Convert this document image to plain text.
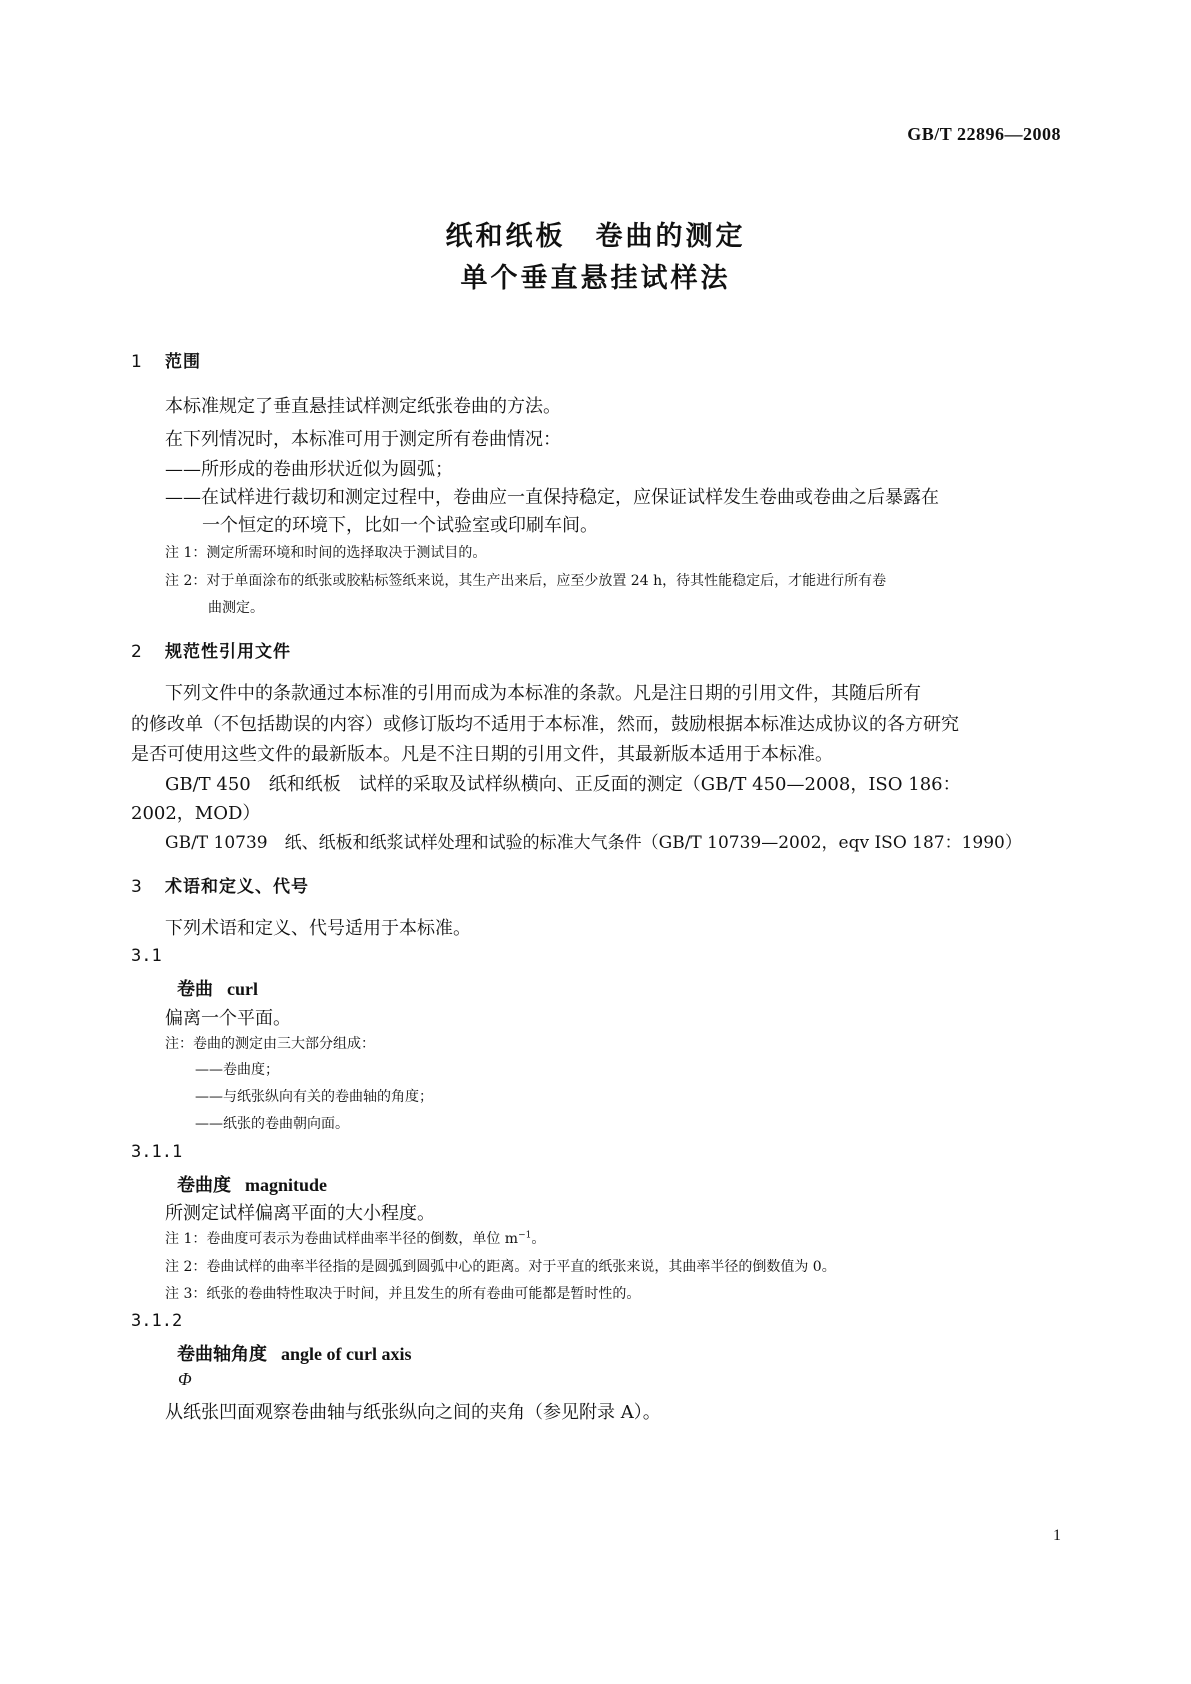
GB/T 22896—2008
纸和纸板　卷曲的测定
单个垂直悬挂试样法
1 范围
本标准规定了垂直悬挂试样测定纸张卷曲的方法。
在下列情况时，本标准可用于测定所有卷曲情况：
——所形成的卷曲形状近似为圆弧；
——在试样进行裁切和测定过程中，卷曲应一直保持稳定，应保证试样发生卷曲或卷曲之后暴露在
一个恒定的环境下，比如一个试验室或印刷车间。
注 1：测定所需环境和时间的选择取决于测试目的。
注 2：对于单面涂布的纸张或胶粘标签纸来说，其生产出来后，应至少放置 24 h，待其性能稳定后，才能进行所有卷
曲测定。
2 规范性引用文件
下列文件中的条款通过本标准的引用而成为本标准的条款。凡是注日期的引用文件，其随后所有
的修改单（不包括勘误的内容）或修订版均不适用于本标准，然而，鼓励根据本标准达成协议的各方研究
是否可使用这些文件的最新版本。凡是不注日期的引用文件，其最新版本适用于本标准。
GB/T 450　纸和纸板　试样的采取及试样纵横向、正反面的测定（GB/T 450—2008，ISO 186：
2002，MOD）
GB/T 10739　纸、纸板和纸浆试样处理和试验的标准大气条件（GB/T 10739—2002，eqv ISO 187：1990）
3 术语和定义、代号
下列术语和定义、代号适用于本标准。
3.1
卷曲 curl
偏离一个平面。
注：卷曲的测定由三大部分组成：
——卷曲度；
——与纸张纵向有关的卷曲轴的角度；
——纸张的卷曲朝向面。
3.1.1
卷曲度 magnitude
所测定试样偏离平面的大小程度。
注 1：卷曲度可表示为卷曲试样曲率半径的倒数，单位 $m^{-1}$。
注 2：卷曲试样的曲率半径指的是圆弧到圆弧中心的距离。对于平直的纸张来说，其曲率半径的倒数值为 0。
注 3：纸张的卷曲特性取决于时间，并且发生的所有卷曲可能都是暂时性的。
3.1.2
卷曲轴角度 angle of curl axis
Φ
从纸张凹面观察卷曲轴与纸张纵向之间的夹角（参见附录 A）。
1
